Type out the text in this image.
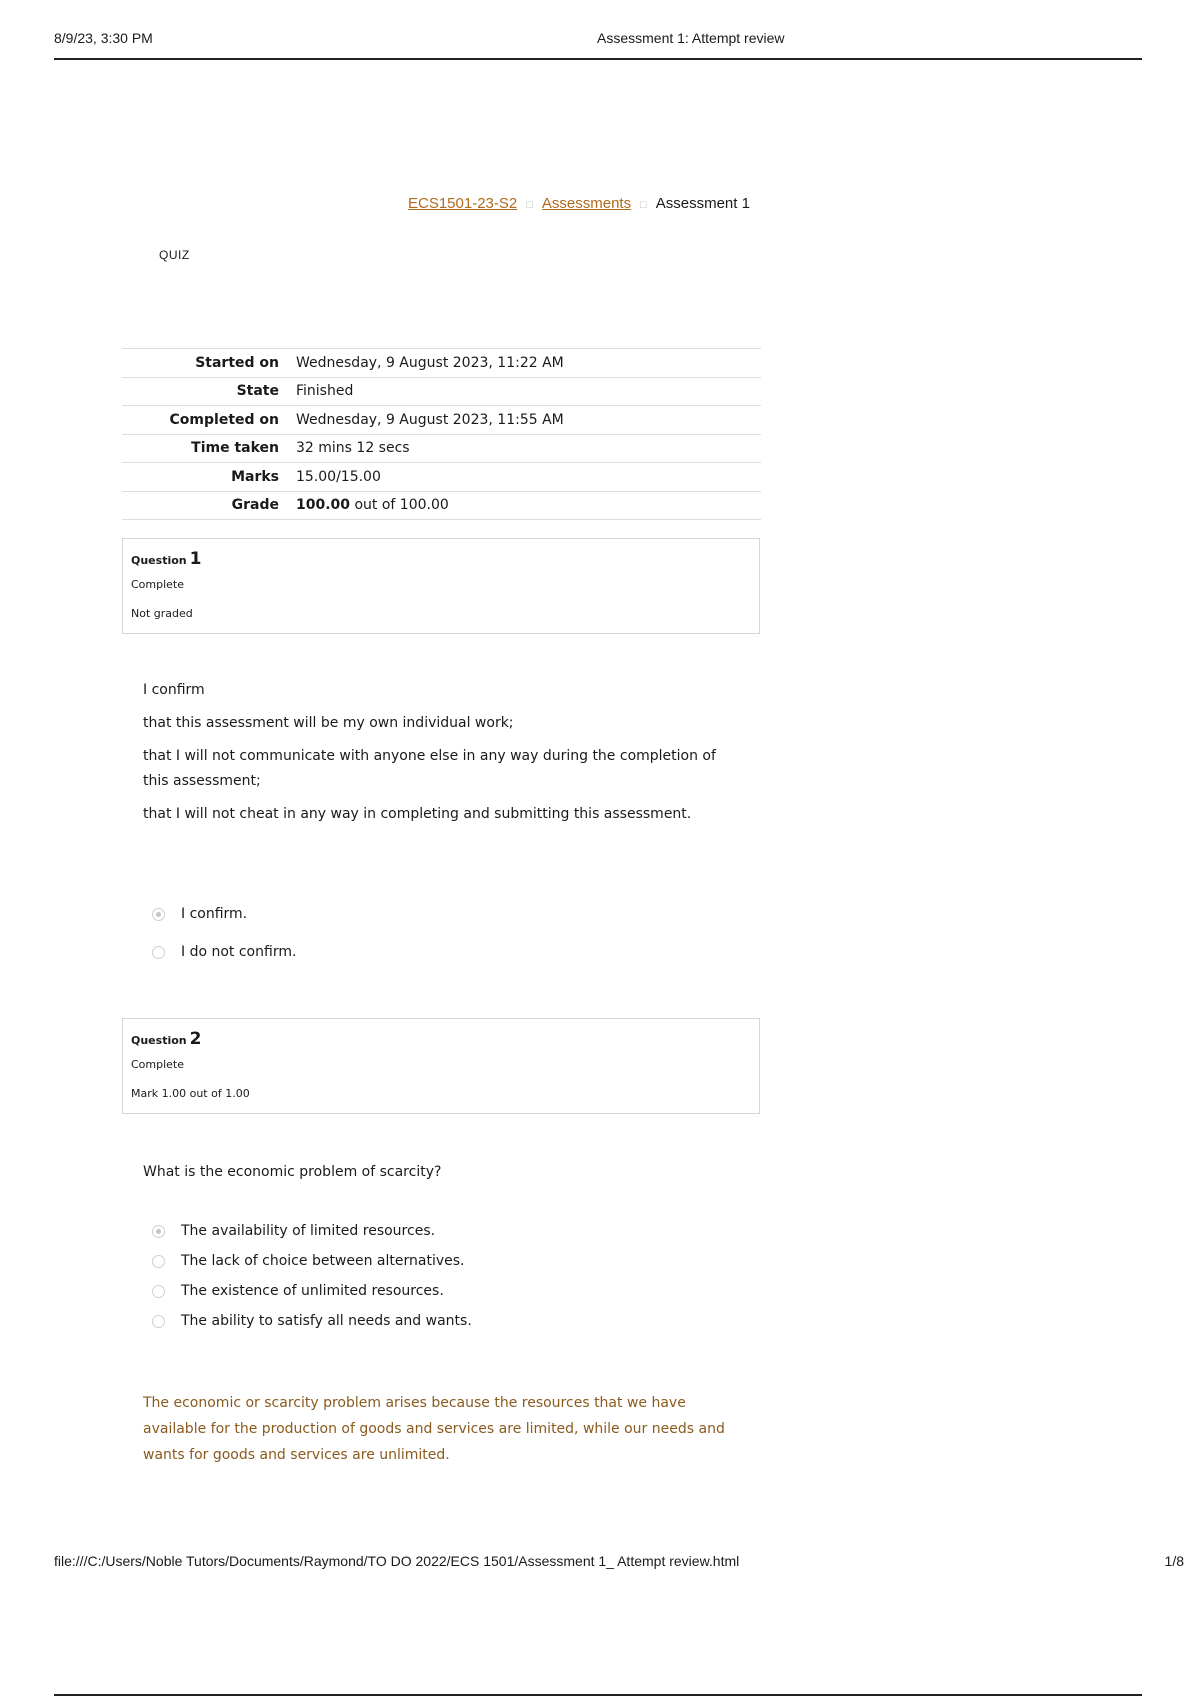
8/9/23, 3:30 PM	Assessment 1: Attempt review
ECS1501-23-S2 □ Assessments □ Assessment 1
QUIZ
Started on	Wednesday, 9 August 2023, 11:22 AM
State	Finished
Completed on	Wednesday, 9 August 2023, 11:55 AM
Time taken	32 mins 12 secs
Marks	15.00/15.00
Grade	100.00 out of 100.00
Question 1
Complete
Not graded

I confirm

that this assessment will be my own individual work;

that I will not communicate with anyone else in any way during the completion of this assessment;

that I will not cheat in any way in completing and submitting this assessment.

I confirm.
I do not confirm.
Question 2
Complete
Mark 1.00 out of 1.00

What is the economic problem of scarcity?

The availability of limited resources.
The lack of choice between alternatives.
The existence of unlimited resources.
The ability to satisfy all needs and wants.
The economic or scarcity problem arises because the resources that we have available for the production of goods and services are limited, while our needs and wants for goods and services are unlimited.
file:///C:/Users/Noble Tutors/Documents/Raymond/TO DO 2022/ECS 1501/Assessment 1_ Attempt review.html	1/8
